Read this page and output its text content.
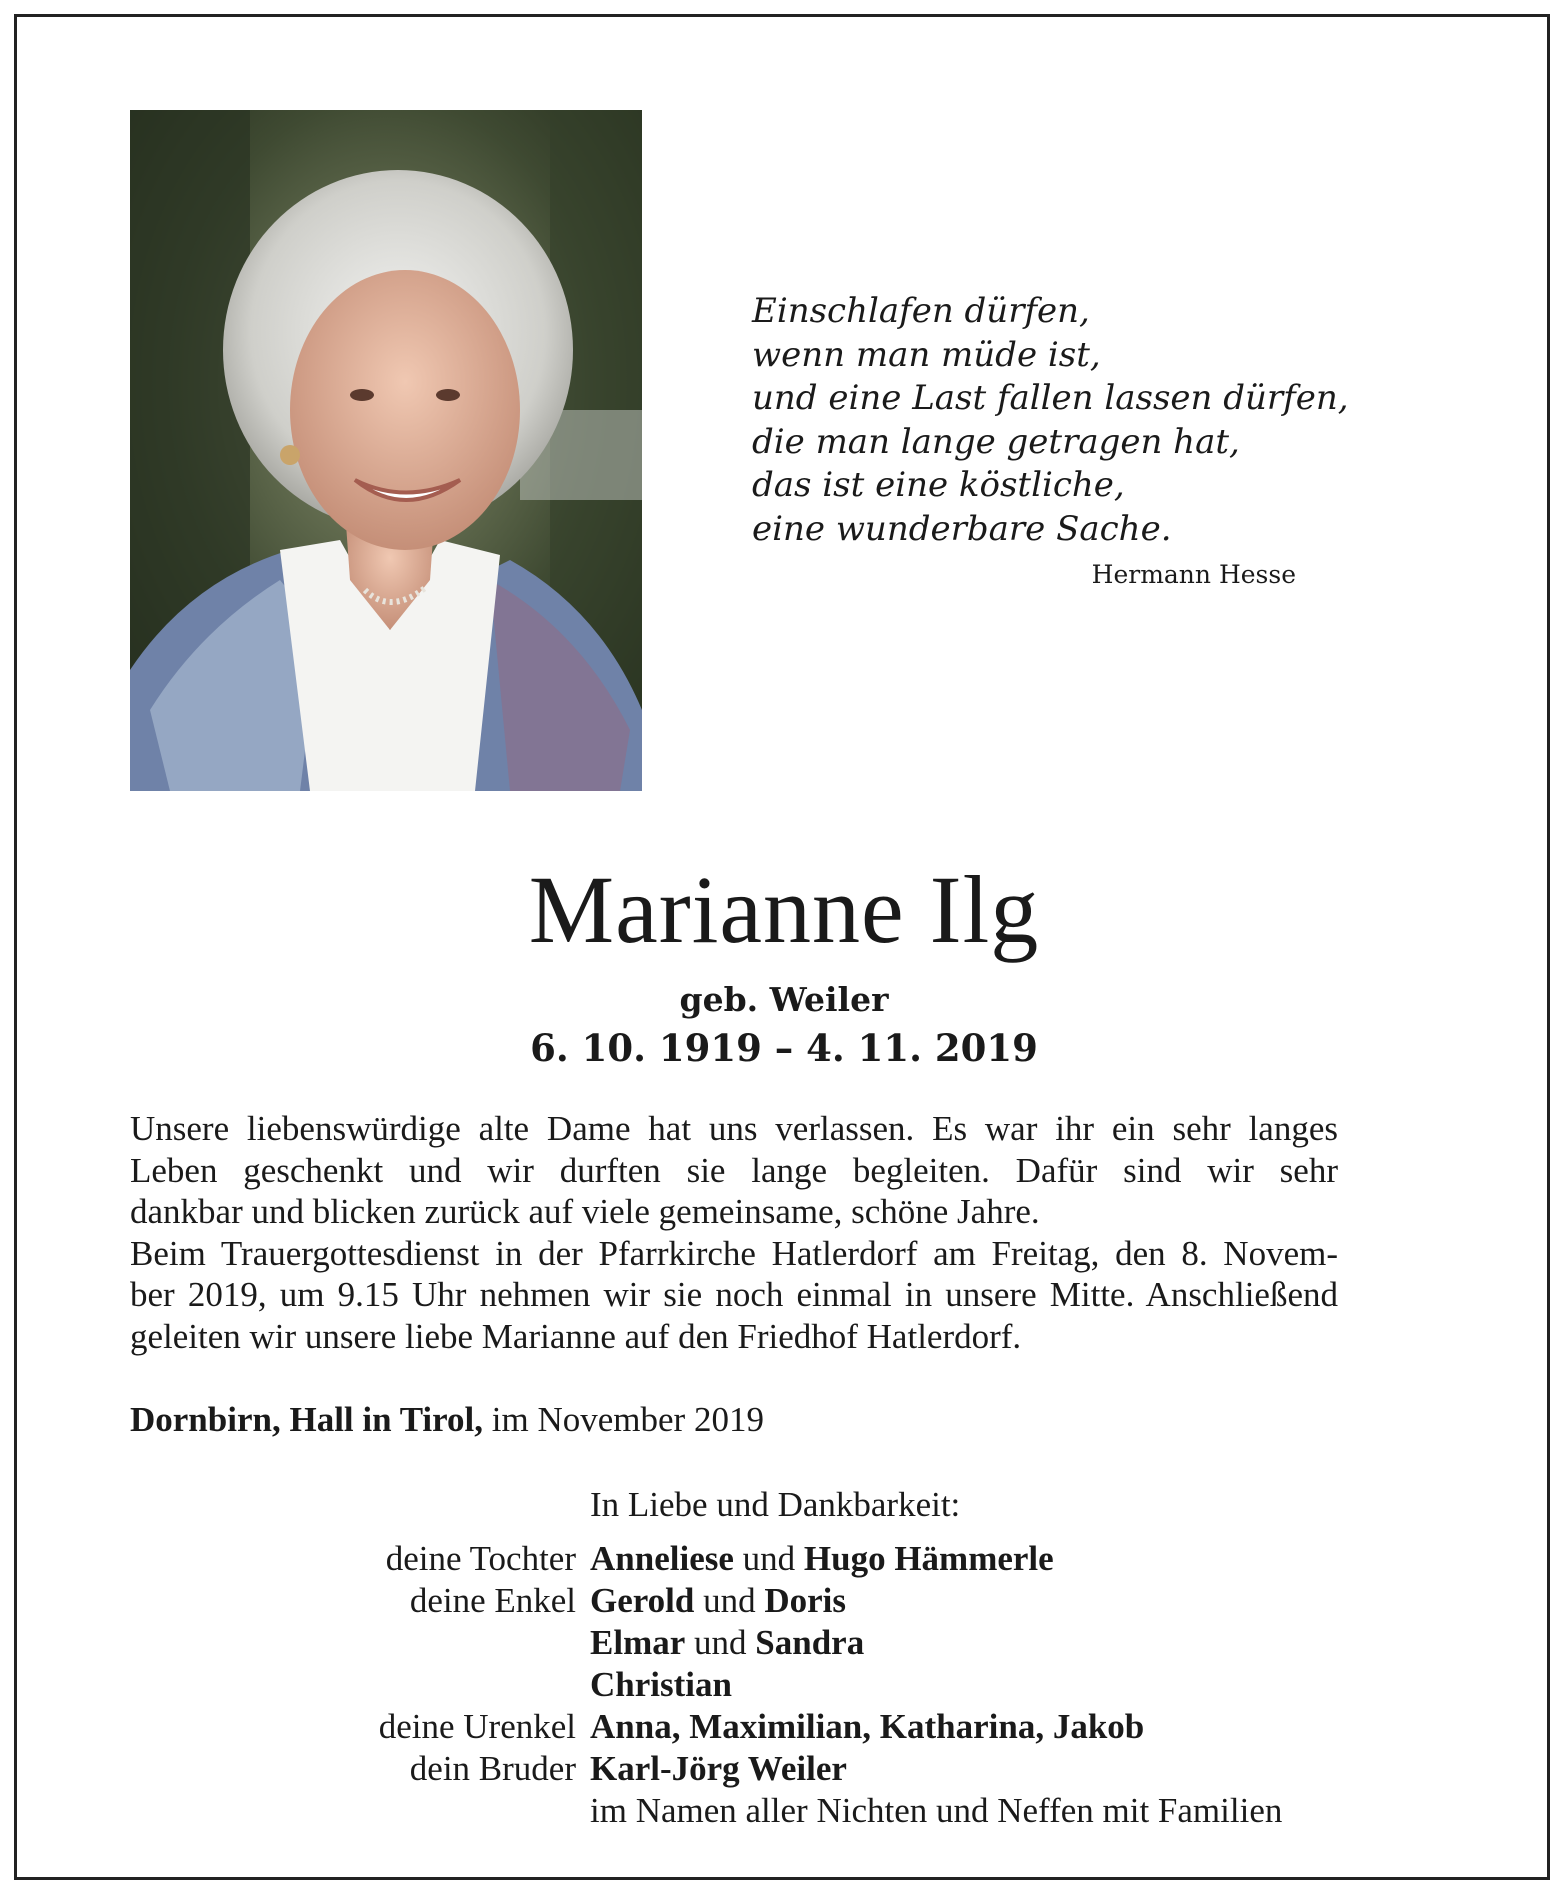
Einschlafen dürfen,
wenn man müde ist,
und eine Last fallen lassen dürfen,
die man lange getragen hat,
das ist eine köstliche,
eine wunderbare Sache.
Hermann Hesse
Marianne Ilg
geb. Weiler
6. 10. 1919 – 4. 11. 2019
Unsere liebenswürdige alte Dame hat uns verlassen. Es war ihr ein sehr langes
Leben geschenkt und wir durften sie lange begleiten. Dafür sind wir sehr
dankbar und blicken zurück auf viele gemeinsame, schöne Jahre.
Beim Trauergottesdienst in der Pfarrkirche Hatlerdorf am Freitag, den 8. Novem-
ber 2019, um 9.15 Uhr nehmen wir sie noch einmal in unsere Mitte. Anschließend
geleiten wir unsere liebe Marianne auf den Friedhof Hatlerdorf.
Dornbirn, Hall in Tirol, im November 2019
In Liebe und Dankbarkeit:
deine Tochter Anneliese und Hugo Hämmerle
deine Enkel Gerold und Doris
Elmar und Sandra
Christian
deine Urenkel Anna, Maximilian, Katharina, Jakob
dein Bruder Karl-Jörg Weiler
im Namen aller Nichten und Neffen mit Familien
